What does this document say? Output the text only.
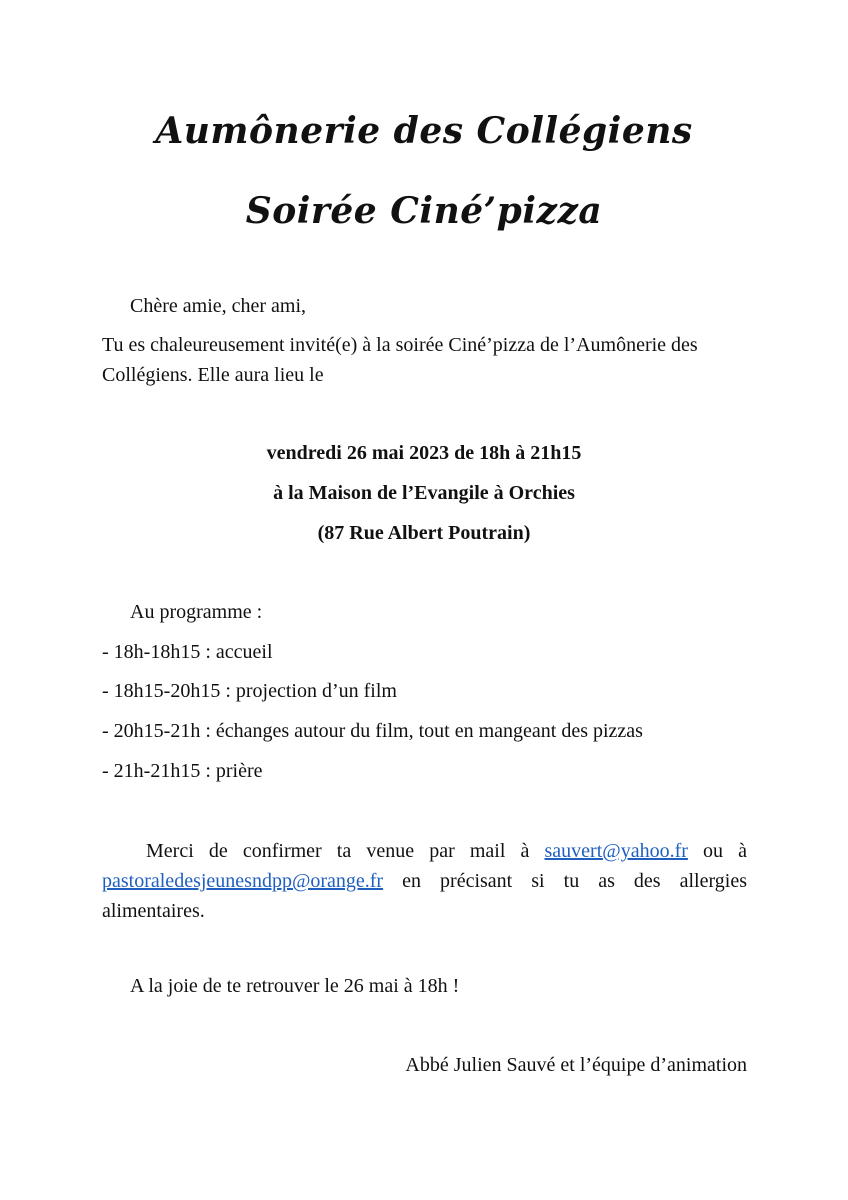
Aumônerie des Collégiens
Soirée Ciné’pizza
Chère amie, cher ami,
Tu es chaleureusement invité(e) à la soirée Ciné’pizza de l’Aumônerie des Collégiens. Elle aura lieu le
vendredi 26 mai 2023 de 18h à 21h15
à la Maison de l’Evangile à Orchies
(87 Rue Albert Poutrain)
Au programme :
- 18h-18h15 : accueil
- 18h15-20h15 : projection d’un film
- 20h15-21h : échanges autour du film, tout en mangeant des pizzas
- 21h-21h15 : prière
Merci de confirmer ta venue par mail à sauvert@yahoo.fr ou à pastoraledesjeunesndpp@orange.fr en précisant si tu as des allergies alimentaires.
A la joie de te retrouver le 26 mai à 18h !
Abbé Julien Sauvé et l’équipe d’animation
